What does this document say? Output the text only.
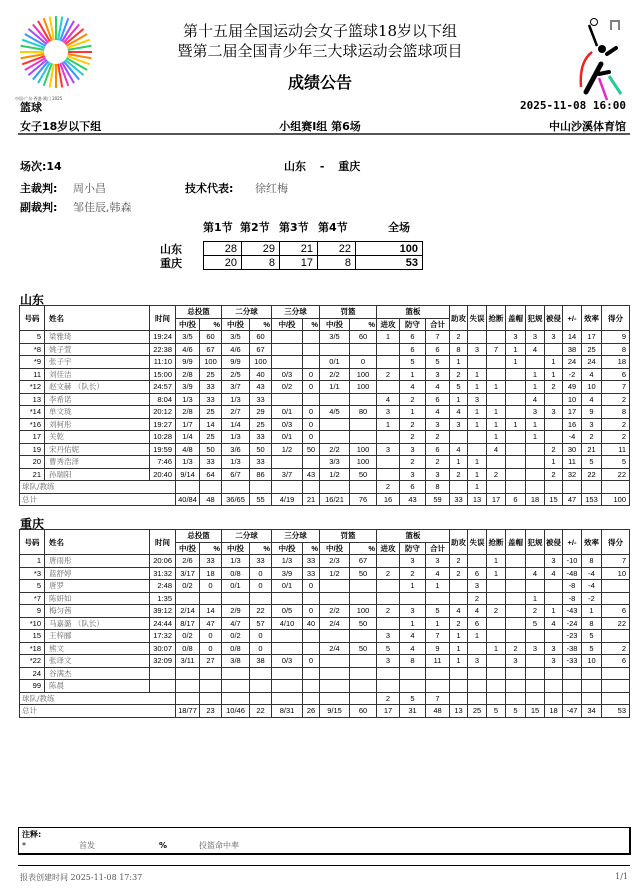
中国·广东·香港·澳门 2025
第十五届全国运动会女子篮球18岁以下组
暨第二届全国青少年三大球运动会篮球项目
成绩公告
篮球	2025-11-08 16:00
女子18岁以下组	小组赛I组 第6场	中山沙溪体育馆
场次:14	山东 - 重庆
主裁判: 周小昌	技术代表: 徐红梅
副裁判: 邹佳辰,韩森
第1节 第2节 第3节 第4节	全场
山东
重庆
28	29	21	22	100
20	8	17	8	53
山东
号码	姓名	时间	总投篮		二分球		三分球		罚篮		篮板			助攻	失误	抢断	盖帽	犯规	被侵	+/-	效率	得分
			中/投	%	中/投	%	中/投	%	中/投	%	进攻	防守	合计									
5	梁雅琦	19:24	3/5	60	3/5	60			3/5	60	1	6	7	2			3	3	3	14	17	9
*8	姚子萱	22:38	4/6	67	4/6	67						6	6	8	3	7	1	4		38	25	8
*9	张子宇	11:10	9/9	100	9/9	100			0/1	0		5	5	1			1		1	24	24	18
11	刘佳洁	15:00	2/8	25	2/5	40	0/3	0	2/2	100	2	1	3	2	1			1	1	-2	4	6
*12	赵文赫 （队长）	24:57	3/9	33	3/7	43	0/2	0	1/1	100		4	4	5	1	1		1	2	49	10	7
13	李希诺	8:04	1/3	33	1/3	33					4	2	6	1	3			4		10	4	2
*14	单文珑	20:12	2/8	25	2/7	29	0/1	0	4/5	80	3	1	4	4	1	1		3	3	17	9	8
*16	刘柯彤	19:27	1/7	14	1/4	25	0/3	0			1	2	3	3	1	1	1	1		16	3	2
17	关乾	10:28	1/4	25	1/3	33	0/1	0				2	2			1		1		-4	2	2
19	宋丹佑妮	19:59	4/8	50	3/6	50	1/2	50	2/2	100	3	3	6	4		4			2	30	21	11
20	曹秀浩泽	7:46	1/3	33	1/3	33			3/3	100		2	2	1	1				1	11	5	5
21	孙瑞阳	20:40	9/14	64	6/7	86	3/7	43	1/2	50		3	3	2	1	2			2	32	22	22
球队/教练											2	6	8		1							
总计			40/84	48	36/65	55	4/19	21	16/21	76	16	43	59	33	13	17	6	18	15	47	153	100
重庆
号码	姓名	时间	总投篮		二分球		三分球		罚篮		篮板			助攻	失误	抢断	盖帽	犯规	被侵	+/-	效率	得分
			中/投	%	中/投	%	中/投	%	中/投	%	进攻	防守	合计									
1	唐雨彤	20:06	2/6	33	1/3	33	1/3	33	2/3	67		3	3	2		1			3	-10	8	7
*3	蓝舒婷	31:32	3/17	18	0/8	0	3/9	33	1/2	50	2	2	4	2	6	1		4	4	-48	-4	10
5	唐罗	2:48	0/2	0	0/1	0	0/1	0				1	1		3					-8	-4	
*7	陈妍如	1:35													2			1		-8	-2	
9	梅匀茜	39:12	2/14	14	2/9	22	0/5	0	2/2	100	2	3	5	4	4	2		2	1	-43	1	6
*10	马嘉潞 （队长）	24:44	8/17	47	4/7	57	4/10	40	2/4	50		1	1	2	6			5	4	-24	8	22
15	王梓郦	17:32	0/2	0	0/2	0					3	4	7	1	1					-23	5	
*18	熊文	30:07	0/8	0	0/8	0			2/4	50	5	4	9	1		1	2	3	3	-38	5	2
*22	张译文	32:09	3/11	27	3/8	38	0/3	0			3	8	11	1	3		3		3	-33	10	6
24	谷满杰																					
99	陈晨																					
球队/教练											2	5	7									
总计			18/77	23	10/46	22	8/31	26	9/15	60	17	31	48	13	25	5	5	15	18	-47	34	53
注释:
*	首发	%	投篮命中率
报表创建时间 2025-11-08 17:37	1/1
